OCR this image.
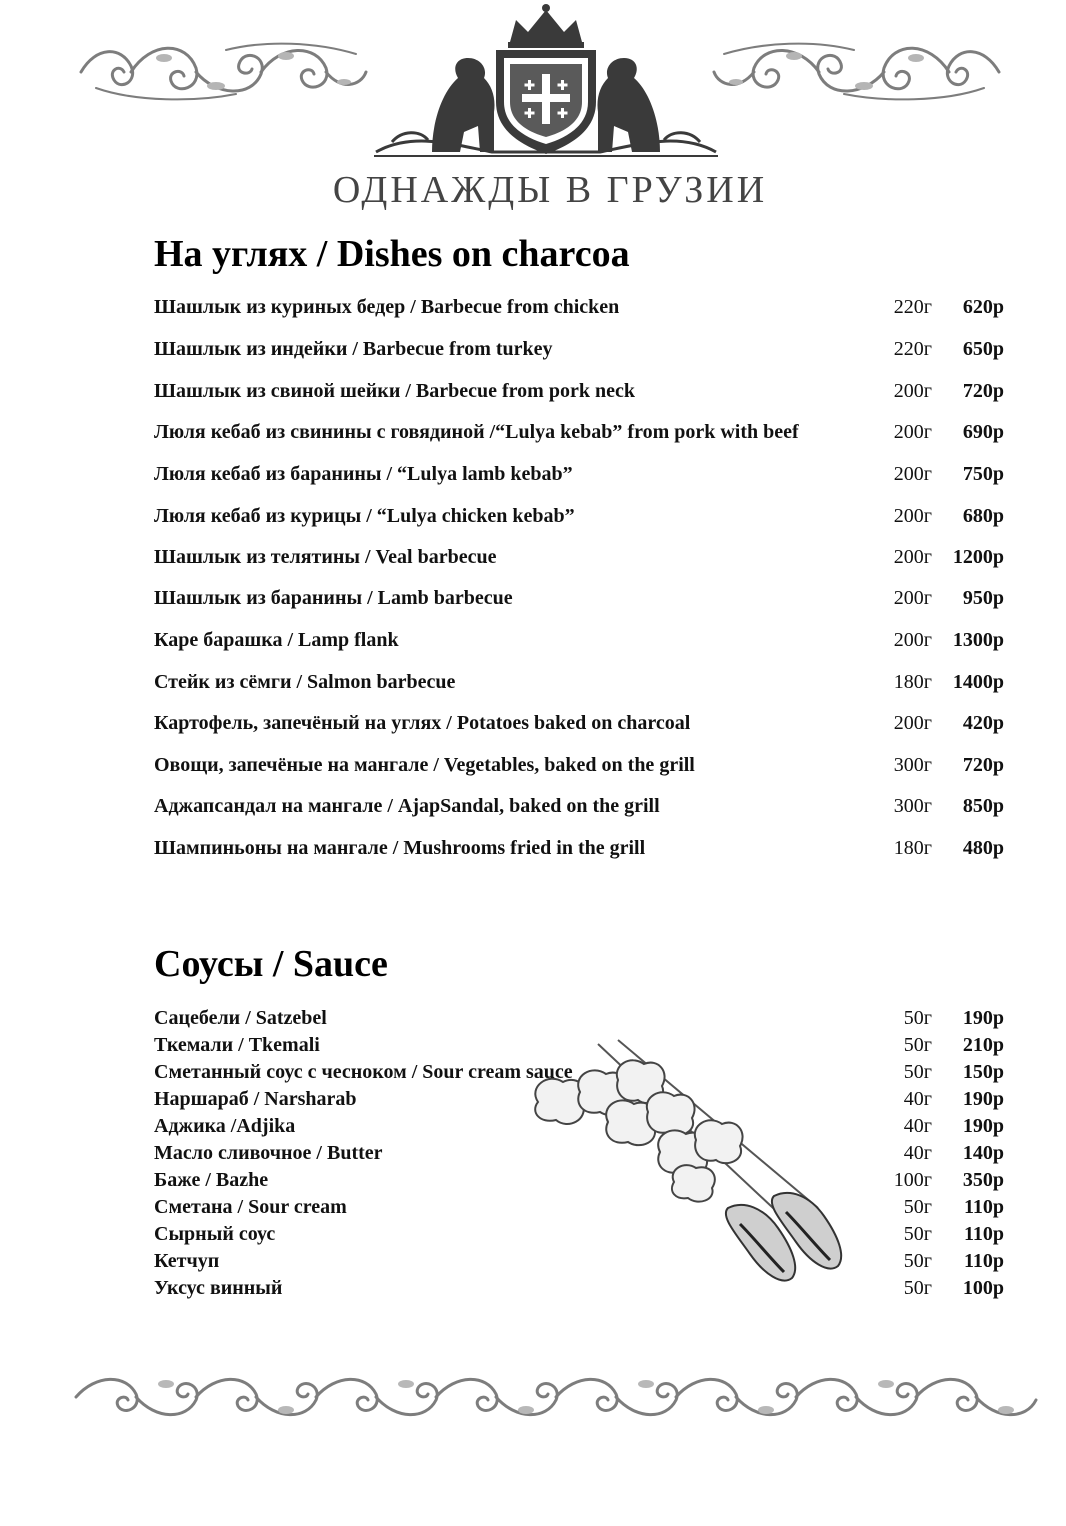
ОДНАЖДЫ В ГРУЗИИ
На углях / Dishes on charcoa
Шашлык из куриных бедер / Barbecue from chicken	220г 620р
Шашлык из индейки / Barbecue from turkey	220г 650р
Шашлык из свиной шейки / Barbecue from pork neck	200г 720р
Люля кебаб из свинины с говядиной /“Lulya kebab” from pork with beef	200г 690р
Люля кебаб из баранины / “Lulya lamb kebab”	200г 750р
Люля кебаб из курицы / “Lulya chicken kebab”	200г 680р
Шашлык из телятины / Veal barbecue	200г 1200р
Шашлык из баранины / Lamb barbecue	200г 950р
Каре барашка / Lamp flank	200г 1300р
Стейк из сёмги / Salmon barbecue	180г 1400р
Картофель, запечёный на углях / Potatoes baked on charcoal	200г 420р
Овощи, запечёные на мангале / Vegetables, baked on the grill	300г 720р
Аджапсандал на мангале / AjapSandal, baked on the grill	300г 850р
Шампиньоны на мангале / Mushrooms fried in the grill	180г 480р
Соусы / Sauce
Сацебели / Satzebel	50г 190р
Ткемали / Tkemali	50г 210р
Сметанный соус с чесноком / Sour cream sauce	50г 150р
Наршараб / Narsharab	40г 190р
Аджика /Adjika	40г 190р
Масло сливочное / Butter	40г 140р
Баже / Bazhe	100г 350р
Сметана / Sour cream	50г 110р
Сырный соус	50г 110р
Кетчуп	50г 110р
Уксус винный	50г 100р
